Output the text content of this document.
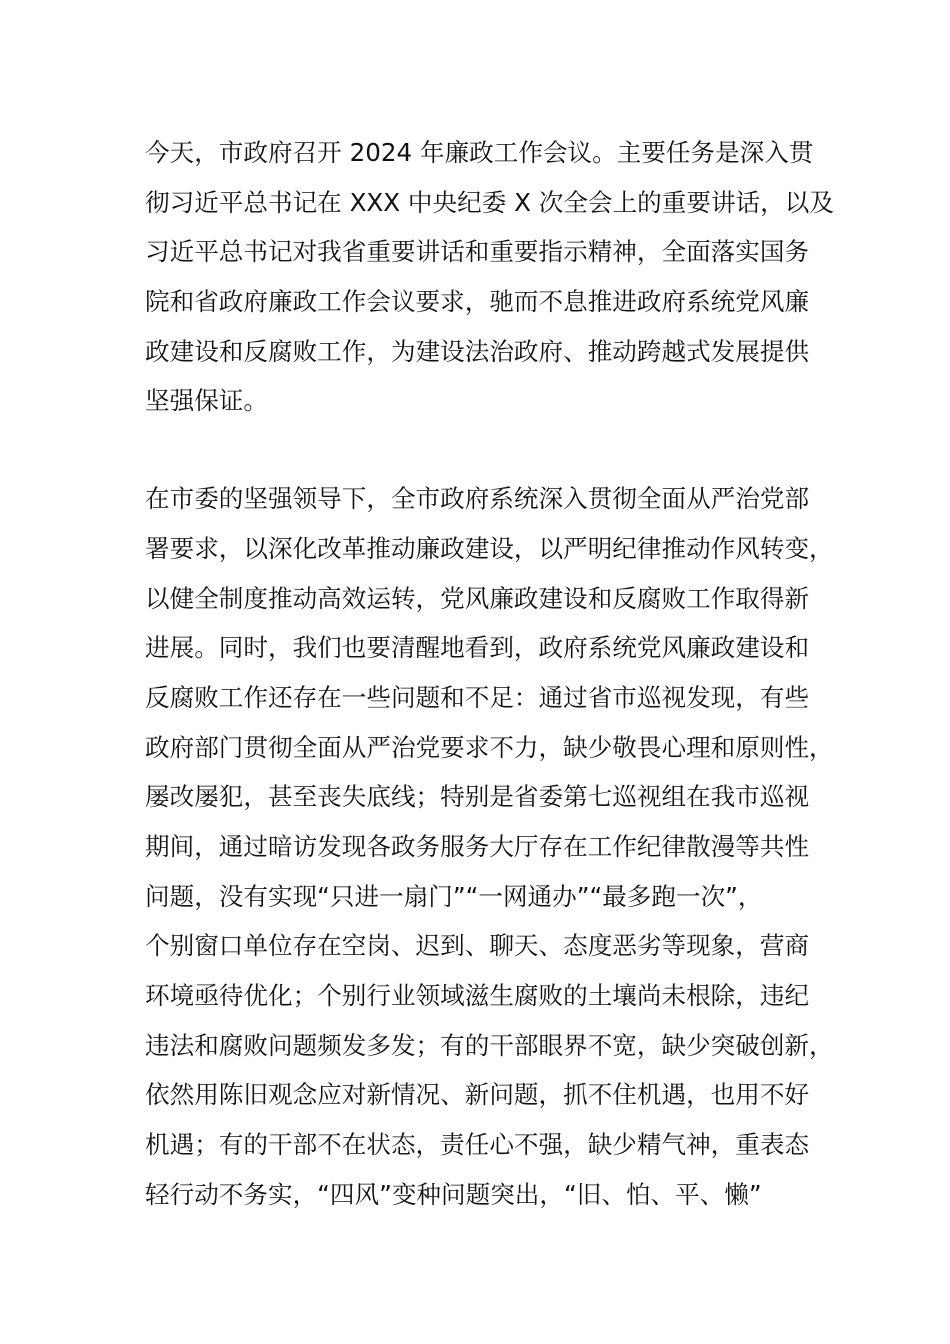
今天，市政府召开 2024 年廉政工作会议。主要任务是深入贯
彻习近平总书记在 XXX 中央纪委 X 次全会上的重要讲话，以及
习近平总书记对我省重要讲话和重要指示精神，全面落实国务
院和省政府廉政工作会议要求，驰而不息推进政府系统党风廉
政建设和反腐败工作，为建设法治政府、推动跨越式发展提供
坚强保证。
在市委的坚强领导下，全市政府系统深入贯彻全面从严治党部
署要求，以深化改革推动廉政建设，以严明纪律推动作风转变，
以健全制度推动高效运转，党风廉政建设和反腐败工作取得新
进展。同时，我们也要清醒地看到，政府系统党风廉政建设和
反腐败工作还存在一些问题和不足：通过省市巡视发现，有些
政府部门贯彻全面从严治党要求不力，缺少敬畏心理和原则性，
屡改屡犯，甚至丧失底线；特别是省委第七巡视组在我市巡视
期间，通过暗访发现各政务服务大厅存在工作纪律散漫等共性
问题，没有实现“只进一扇门”“一网通办”“最多跑一次”，
个别窗口单位存在空岗、迟到、聊天、态度恶劣等现象，营商
环境亟待优化；个别行业领域滋生腐败的土壤尚未根除，违纪
违法和腐败问题频发多发；有的干部眼界不宽，缺少突破创新，
依然用陈旧观念应对新情况、新问题，抓不住机遇，也用不好
机遇；有的干部不在状态，责任心不强，缺少精气神，重表态
轻行动不务实，“四风”变种问题突出，“旧、怕、平、懒”
